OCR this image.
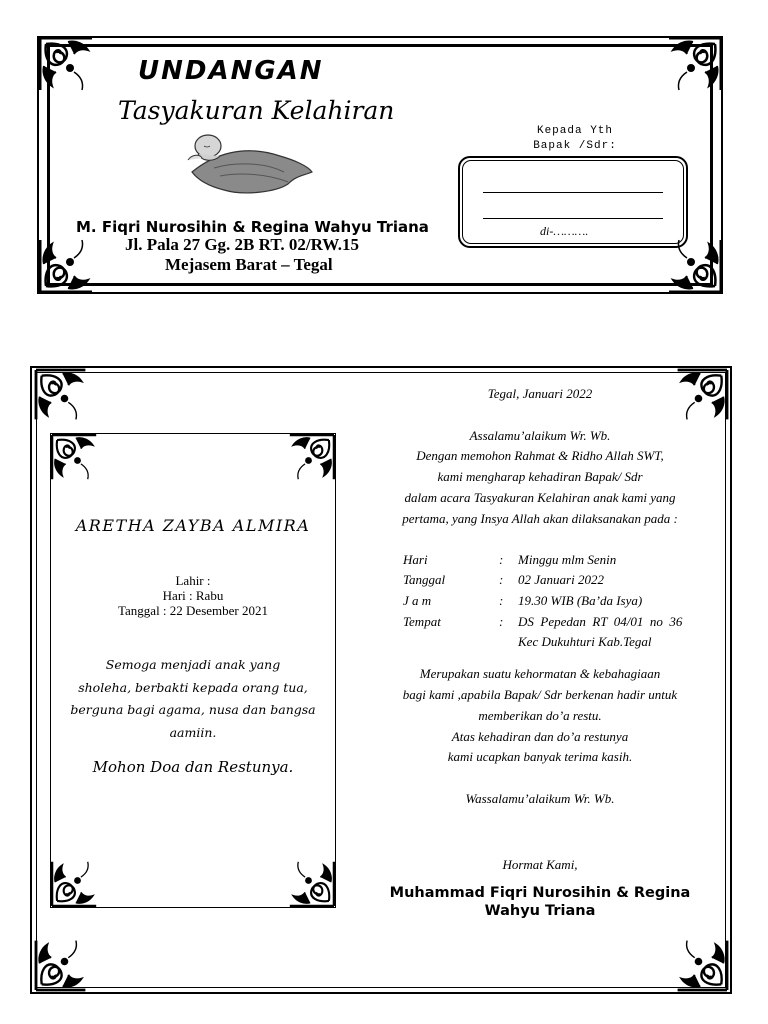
UNDANGAN
Tasyakuran Kelahiran
M. Fiqri Nurosihin & Regina Wahyu Triana
Jl. Pala 27 Gg. 2B RT. 02/RW.15
Mejasem Barat – Tegal
Kepada Yth
Bapak /Sdr:
di-……….
ARETHA ZAYBA ALMIRA
Lahir :
Hari : Rabu
Tanggal : 22 Desember 2021
Semoga menjadi anak yang
sholeha, berbakti kepada orang tua,
berguna bagi agama, nusa dan bangsa
aamiin.
Mohon Doa dan Restunya.
Tegal, Januari 2022
Assalamu’alaikum Wr. Wb.
Dengan memohon Rahmat & Ridho Allah SWT,
kami mengharap kehadiran Bapak/ Sdr
dalam acara Tasyakuran Kelahiran anak kami yang
pertama, yang Insya Allah akan dilaksanakan pada :
Hari	: Minggu mlm Senin
Tanggal	: 02 Januari 2022
J a m	: 19.30 WIB (Ba’da Isya)
Tempat	: DS  Pepedan  RT  04/01  no  36
Kec Dukuhturi Kab.Tegal
Merupakan suatu kehormatan & kebahagiaan
bagi kami ,apabila Bapak/ Sdr berkenan hadir untuk
memberikan do’a restu.
Atas kehadiran dan do’a restunya
kami ucapkan banyak terima kasih.
Wassalamu’alaikum Wr. Wb.
Hormat Kami,
Muhammad Fiqri Nurosihin & Regina
Wahyu Triana
